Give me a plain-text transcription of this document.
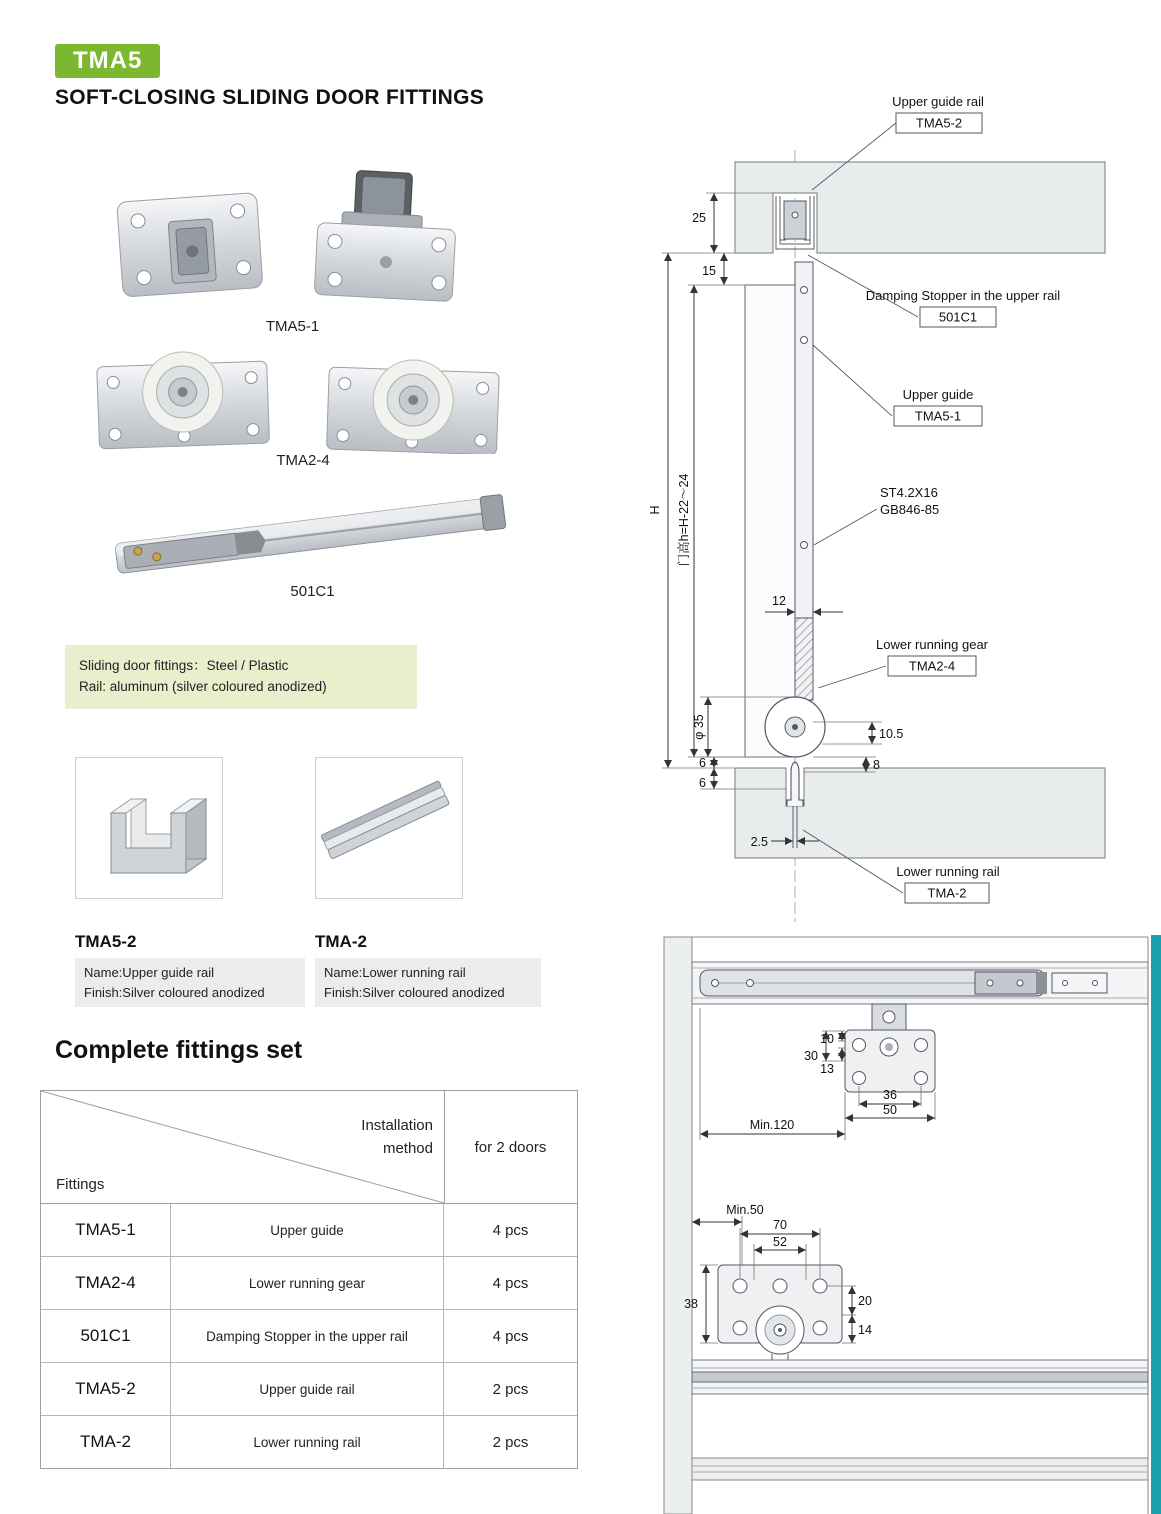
TMA5
SOFT-CLOSING SLIDING DOOR FITTINGS
TMA5-1
TMA2-4
501C1
Sliding door fittings：Steel / Plastic
Rail: aluminum (silver coloured anodized)
TMA5-2
Name:Upper guide rail
Finish:Silver coloured anodized
TMA-2
Name:Lower running rail
Finish:Silver coloured anodized
Complete fittings set
Installation
method
Fittings
for 2 doors
TMA5-1	Upper guide	4 pcs
TMA2-4	Lower running gear	4 pcs
501C1	Damping Stopper in the upper rail	4 pcs
TMA5-2	Upper guide rail	2 pcs
TMA-2	Lower running rail	2 pcs
25
15
H 门高h=H-22～24
12
φ 35
6
6
2.5
10.5
8
Upper guide rail
TMA5-2
Damping Stopper in the upper rail
501C1
Upper guide
TMA5-1
ST4.2X16
GB846-85
Lower running gear
TMA2-4
Lower running rail
TMA-2
10
30
13
36
50
Min.120
Min.50
70
52
38	20
14
